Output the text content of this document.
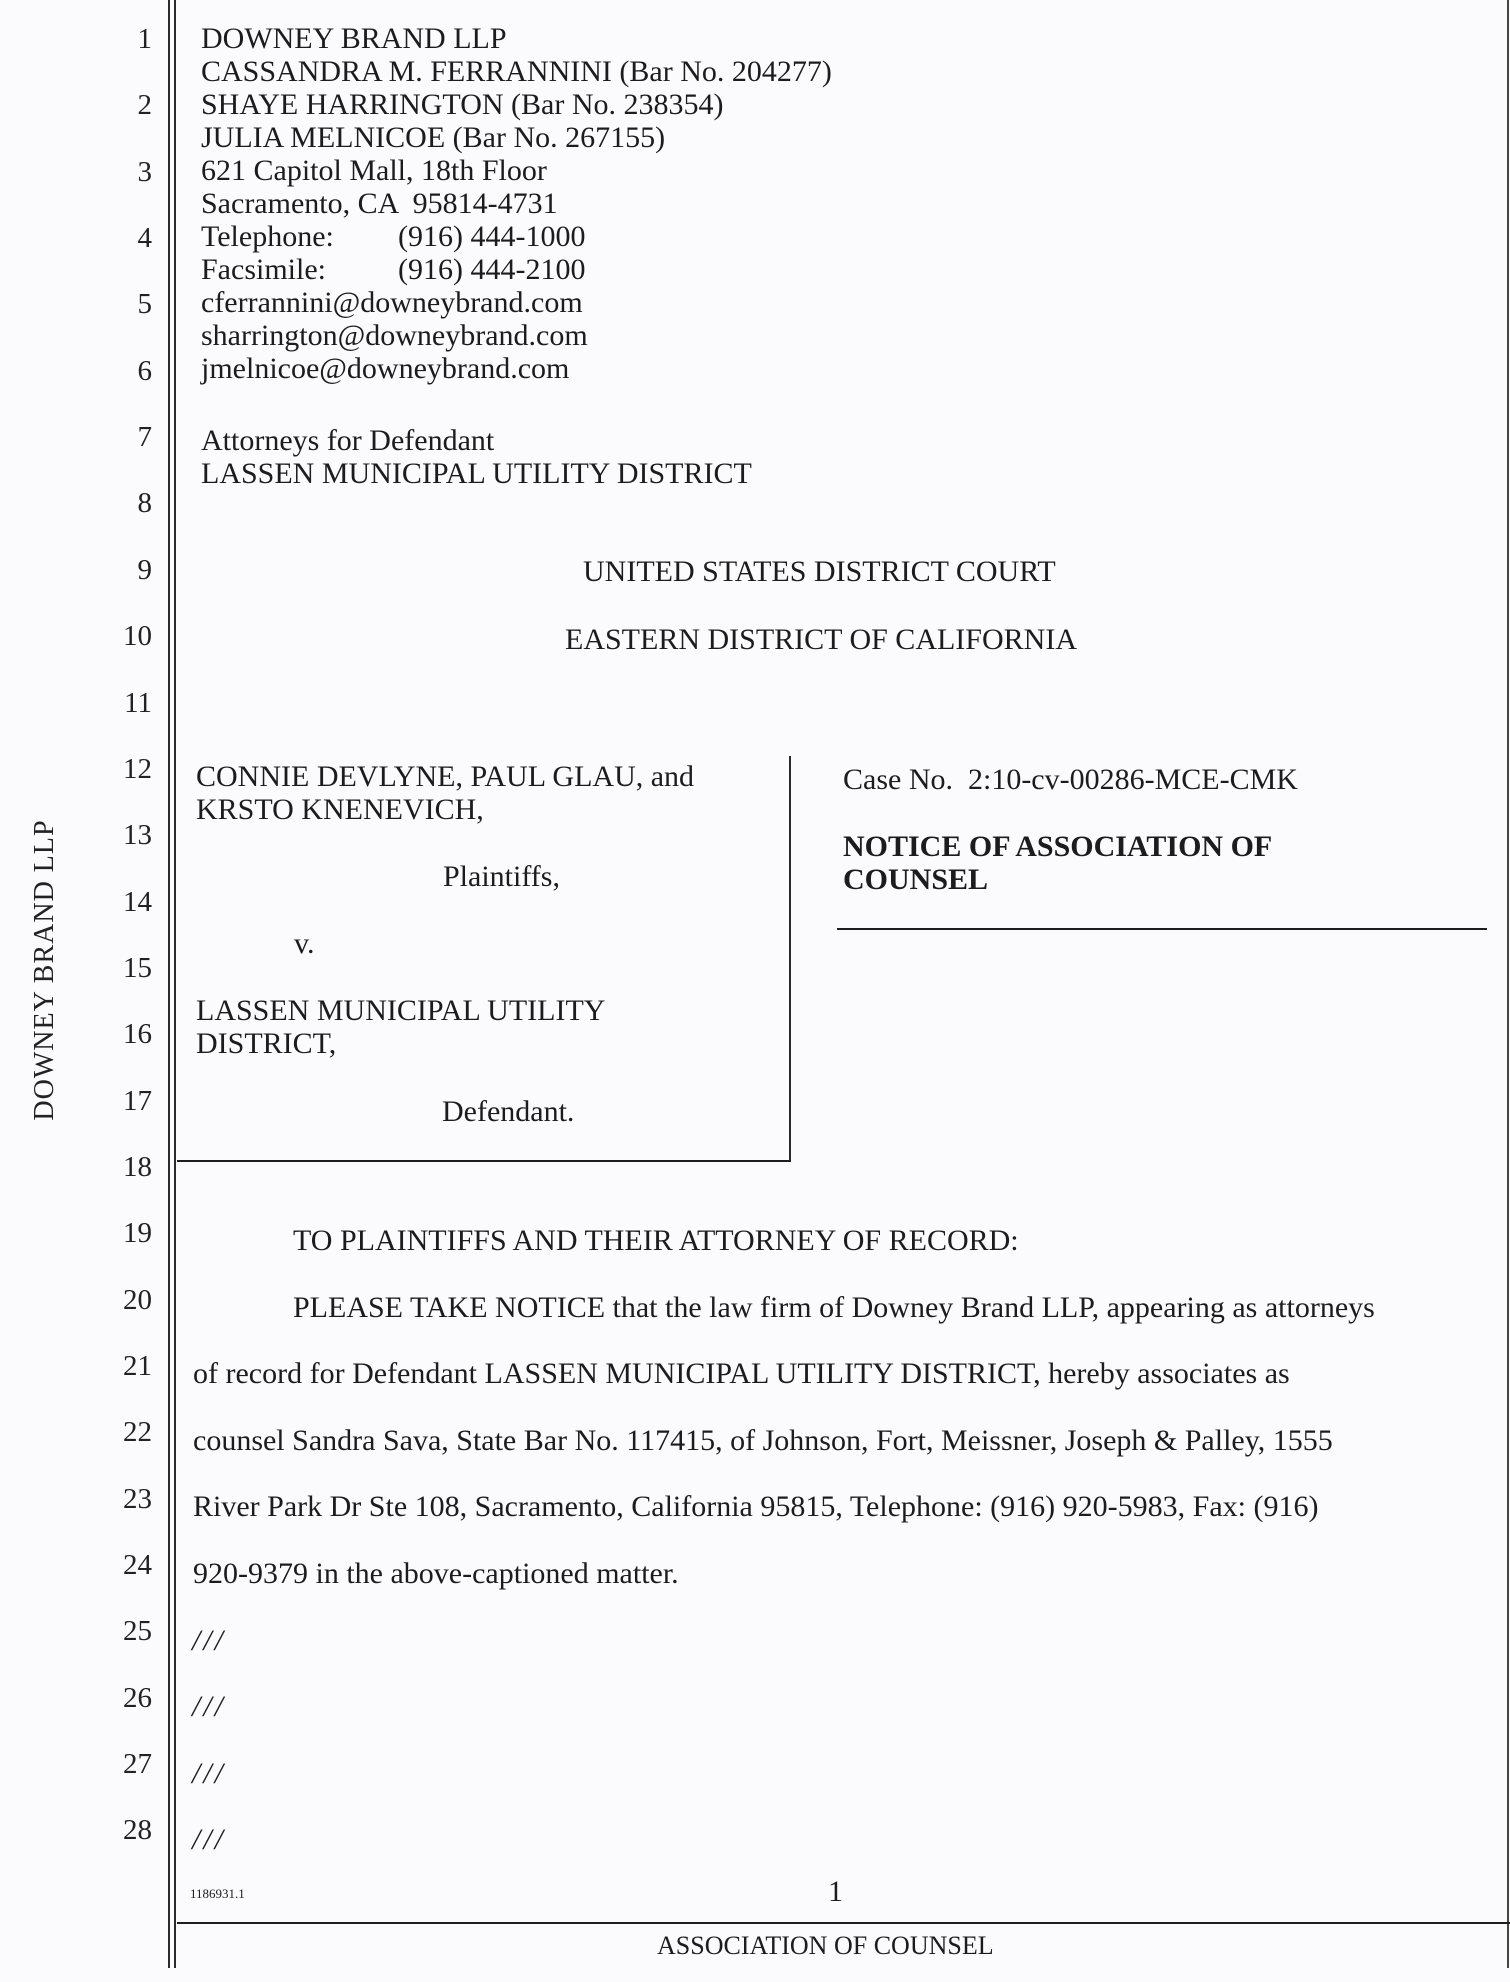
DOWNEY BRAND LLP
1
2
3
4
5
6
7
8
9
10
11
12
13
14
15
16
17
18
19
20
21
22
23
24
25
26
27
28
DOWNEY BRAND LLP
CASSANDRA M. FERRANNINI (Bar No. 204277)
SHAYE HARRINGTON (Bar No. 238354)
JULIA MELNICOE (Bar No. 267155)
621 Capitol Mall, 18th Floor
Sacramento, CA  95814-4731
Telephone: (916) 444-1000
Facsimile: (916) 444-2100
cferrannini@downeybrand.com
sharrington@downeybrand.com
jmelnicoe@downeybrand.com
Attorneys for Defendant
LASSEN MUNICIPAL UTILITY DISTRICT
UNITED STATES DISTRICT COURT
EASTERN DISTRICT OF CALIFORNIA
CONNIE DEVLYNE, PAUL GLAU, and
KRSTO KNENEVICH,
Plaintiffs,
v.
LASSEN MUNICIPAL UTILITY
DISTRICT,
Defendant.
Case No.  2:10-cv-00286-MCE-CMK
NOTICE OF ASSOCIATION OF
COUNSEL
TO PLAINTIFFS AND THEIR ATTORNEY OF RECORD:
PLEASE TAKE NOTICE that the law firm of Downey Brand LLP, appearing as attorneys
of record for Defendant LASSEN MUNICIPAL UTILITY DISTRICT, hereby associates as
counsel Sandra Sava, State Bar No. 117415, of Johnson, Fort, Meissner, Joseph & Palley, 1555
River Park Dr Ste 108, Sacramento, California 95815, Telephone: (916) 920-5983, Fax: (916)
920-9379 in the above-captioned matter.
///
///
///
///
1186931.1	1
ASSOCIATION OF COUNSEL
